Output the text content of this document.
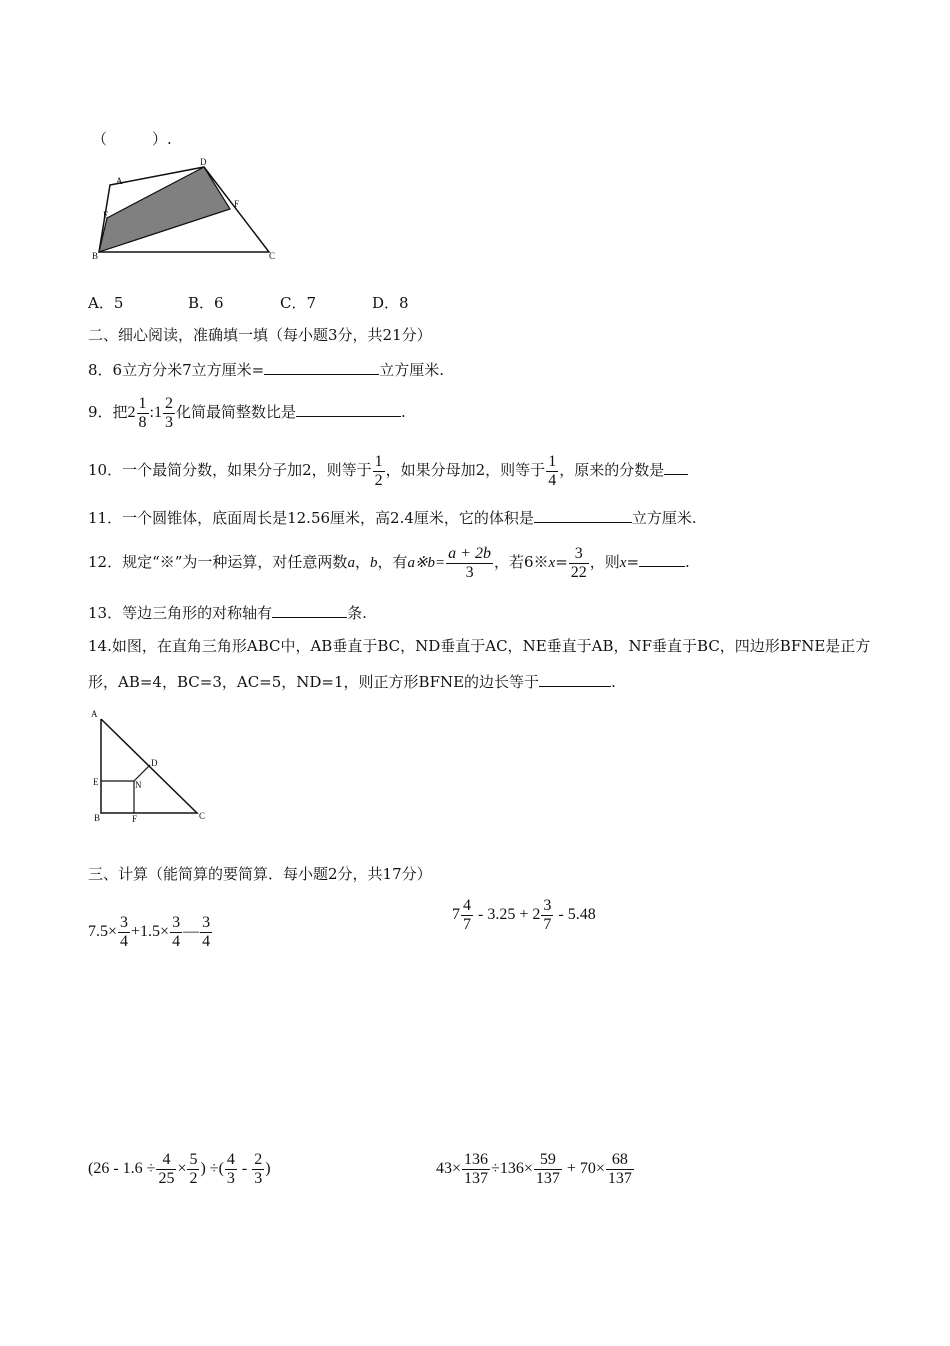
（　　　）.
A
D
E
F
B	C
A．5	B．6	C．7	D．8
二、细心阅读，准确填一填（每小题3分，共21分）
8．6立方分米7立方厘米=	立方厘米.
9．把$2 \frac{1}{8}$ :1 $\frac{2}{3}$ 化简最简整数比是	.
10．一个最简分数，如果分子加2，则等于 $\frac{1}{2}$ ，如果分母加2，则等于 $\frac{1}{4}$ ，原来的分数是
11．一个圆锥体，底面周长是12.56厘米，高2.4厘米，它的体积是	立方厘米.
12．规定“※”为一种运算，对任意两数a，b，有a※b= $\frac{a + 2b}{3}$ ，若6※x= $\frac{3}{22}$ ，则x=	.
13．等边三角形的对称轴有	条.
14.如图，在直角三角形ABC中，AB垂直于BC，ND垂直于AC，NE垂直于AB，NF垂直于BC，四边形BFNE是正方
形，AB=4，BC=3，AC=5，ND=1，则正方形BFNE的边长等于	.
A
D
E	N
B	F	C
三、计算（能简算的要简算．每小题2分，共17分）
$7.5\times \frac{3}{4} +1.5\times \frac{3}{4}$ — $\frac{3}{4}$	$7 \frac{4}{7} - 3.25 + 2 \frac{3}{7} - 5.48$
($26 - 1.6 \div \frac{4}{25} \times \frac{5}{2}$ ) ÷( $\frac{4}{3} - \frac{2}{3}$ )	$43\times \frac{136}{137} \div 136\times \frac{59}{137} + 70\times \frac{68}{137}$
